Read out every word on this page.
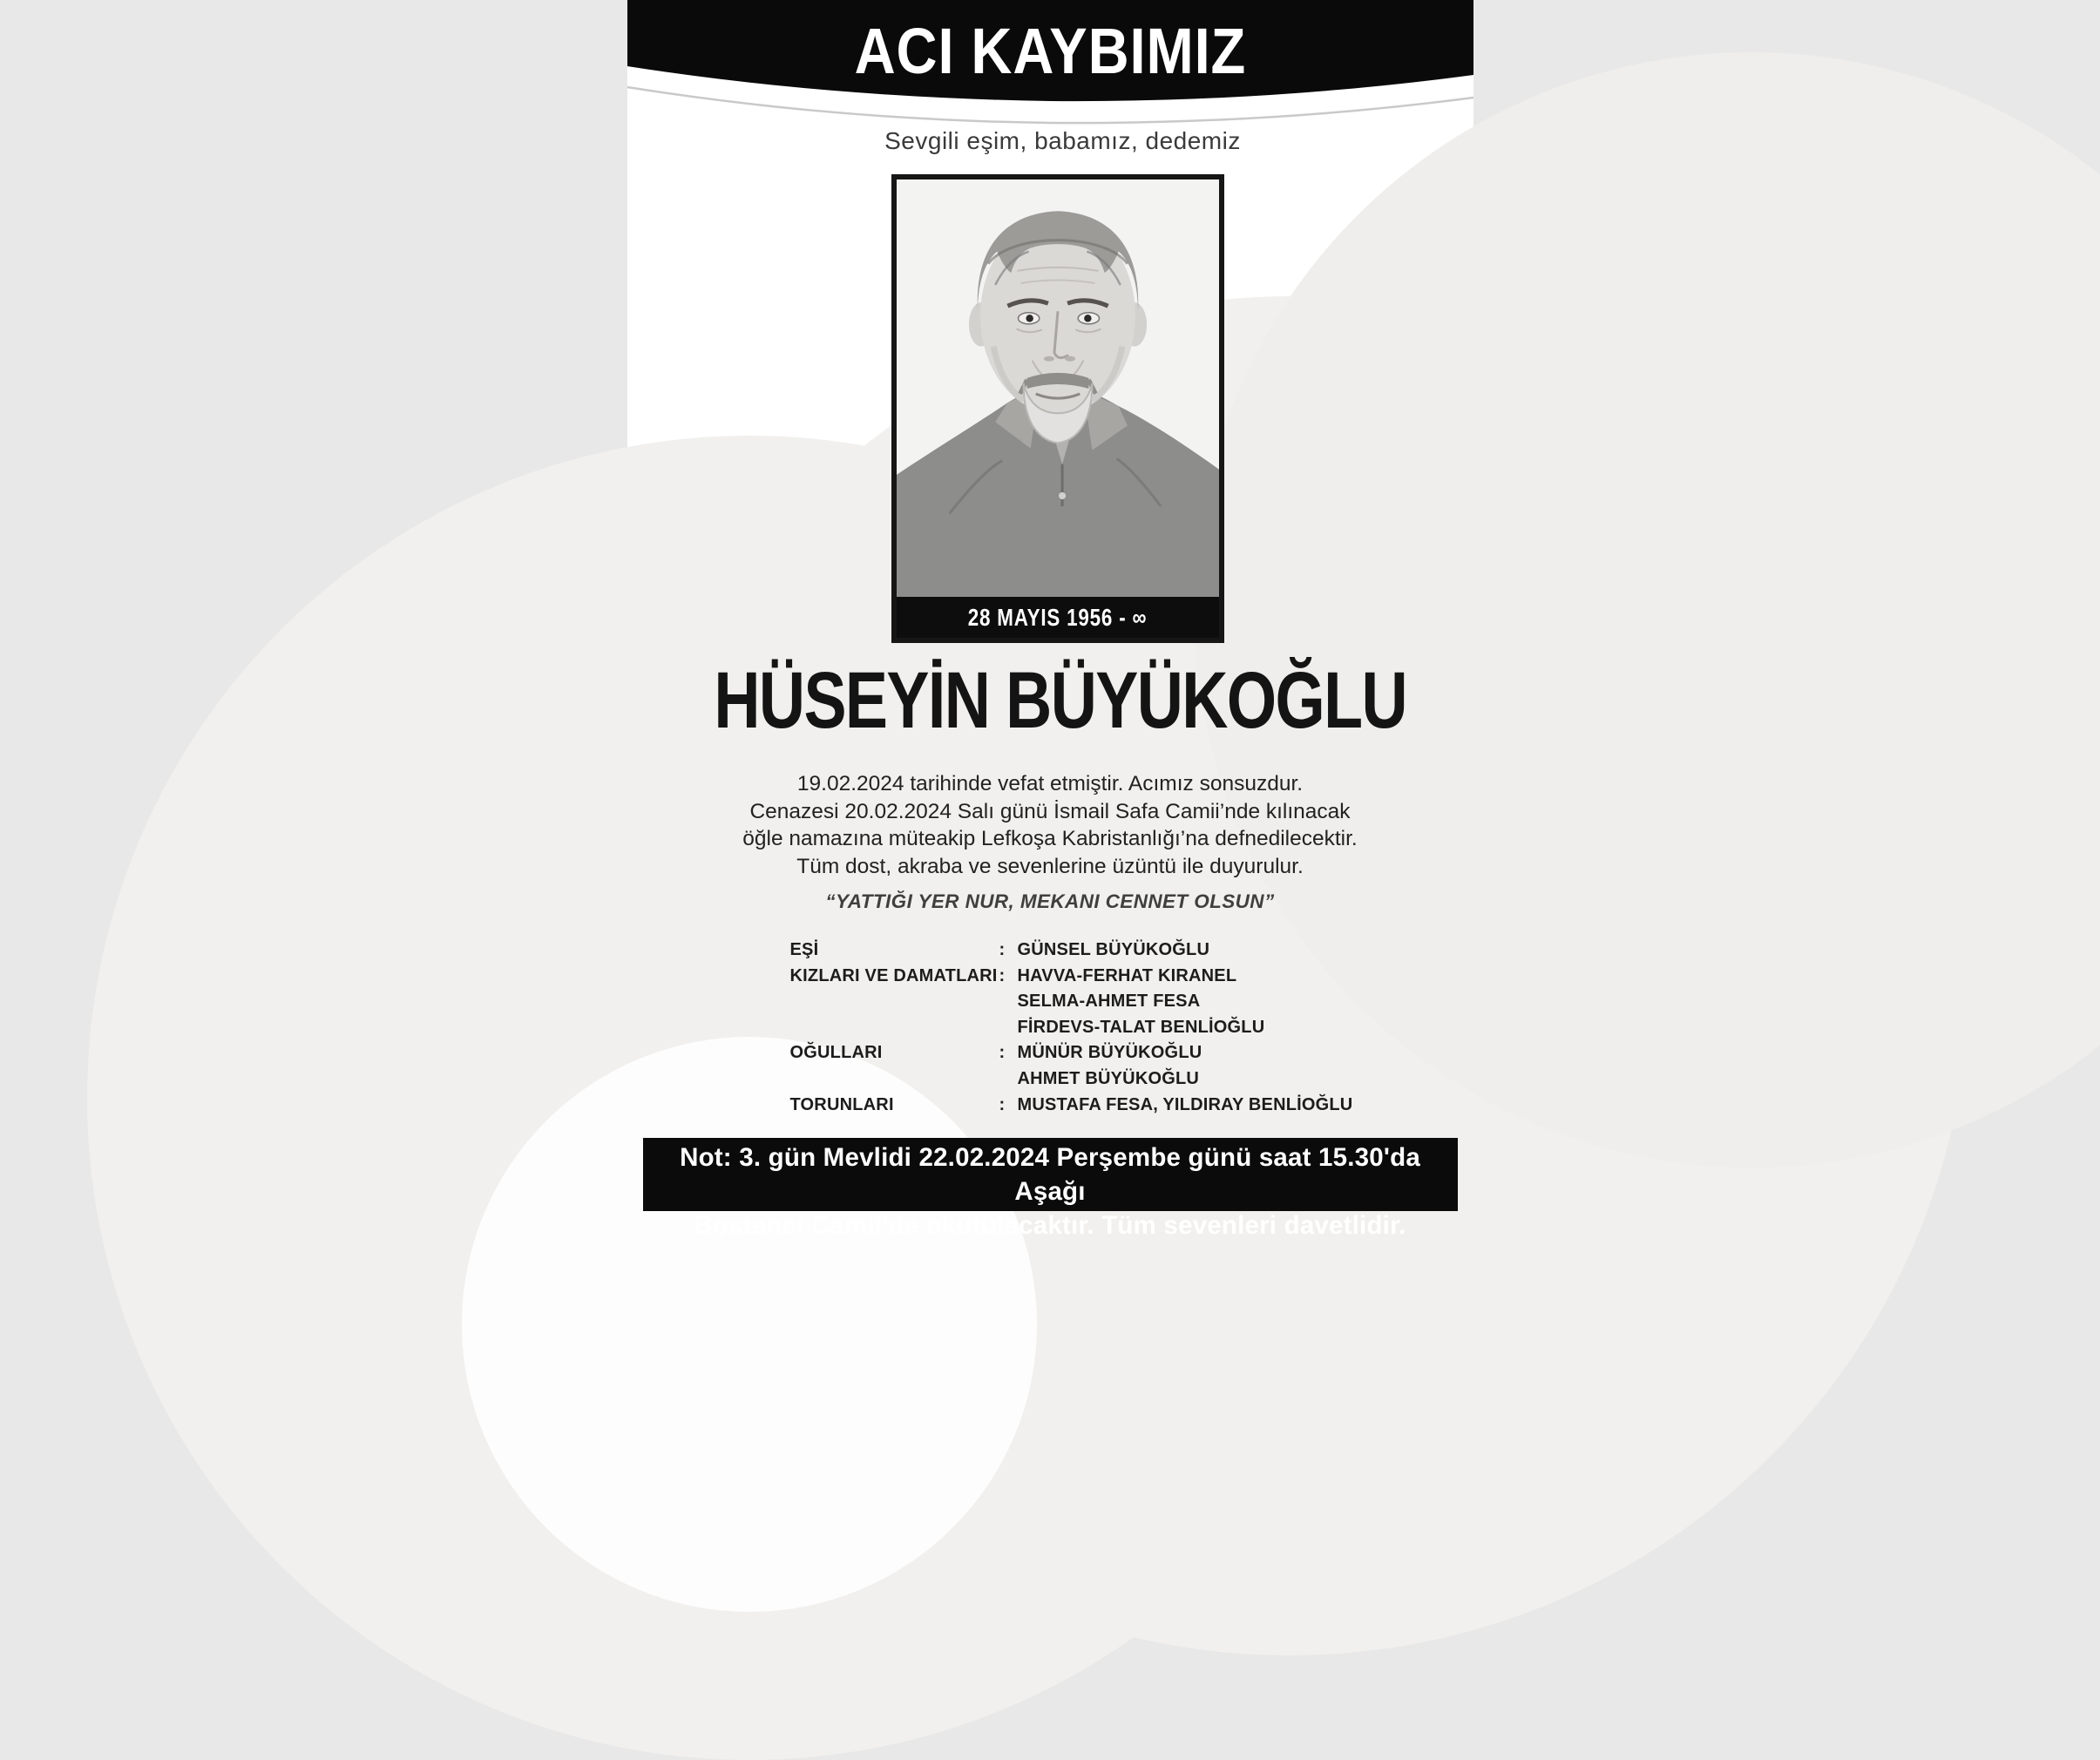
ACI KAYBIMIZ
Sevgili eşim, babamız, dedemiz
28 MAYIS 1956 - ∞
HÜSEYİN BÜYÜKOĞLU
19.02.2024 tarihinde vefat etmiştir. Acımız sonsuzdur.
Cenazesi 20.02.2024 Salı günü İsmail Safa Camii’nde kılınacak
öğle namazına müteakip Lefkoşa Kabristanlığı’na defnedilecektir.
Tüm dost, akraba ve sevenlerine üzüntü ile duyurulur.
“YATTIĞI YER NUR, MEKANI CENNET OLSUN”
EŞİ	: GÜNSEL BÜYÜKOĞLU
KIZLARI VE DAMATLARI : HAVVA-FERHAT KIRANEL
SELMA-AHMET FESA
FİRDEVS-TALAT BENLİOĞLU
OĞULLARI	: MÜNÜR BÜYÜKOĞLU
AHMET BÜYÜKOĞLU
TORUNLARI	: MUSTAFA FESA, YILDIRAY BENLİOĞLU
Not: 3. gün Mevlidi 22.02.2024 Perşembe günü saat 15.30'da Aşağı
Bostancı Camii'de okutulacaktır. Tüm sevenleri davetlidir.
